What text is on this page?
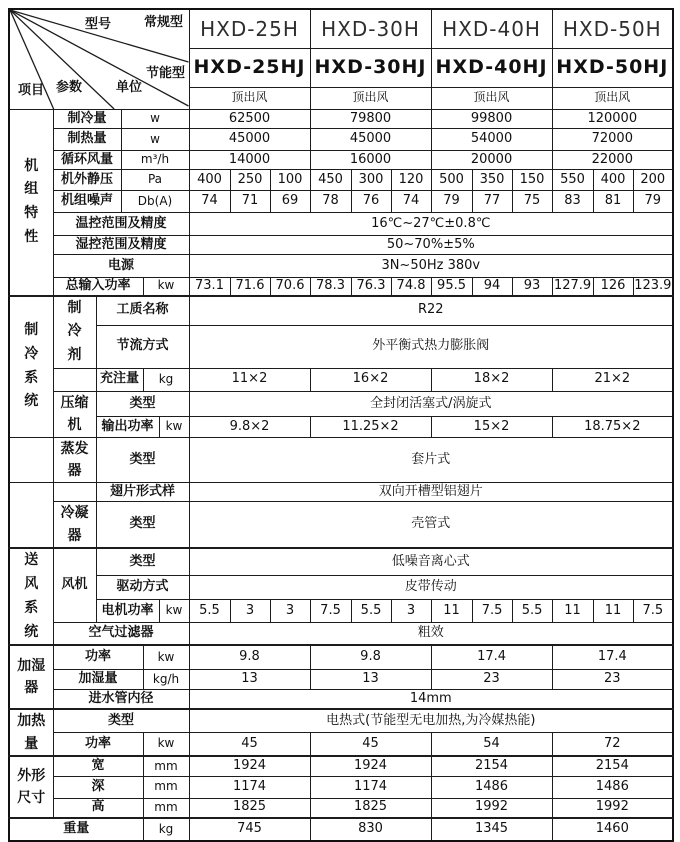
型号	常规型
节能型
项目 参数	单位
	HXD-25H	HXD-30H	HXD-40H	HXD-50H
						HXD-25HJ			HXD-30HJ			HXD-40HJ			HXD-50HJ		
						顶出风			顶出风			顶出风			顶出风		
机组特性	制冷量		w			62500			79800			99800			120000		
	制热量		w			45000			45000			54000			72000		
	循环风量		m³/h			14000			16000			20000			22000		
	机外静压		Pa			400	250	100	450	300	120	500	350	150	550	400	200
	机组噪声		Db(A)			74	71	69	78	76	74	79	77	75	83	81	79
	温控范围及精度					16℃~27℃±0.8℃											
	湿控范围及精度					50~70%±5%											
	电源					3N~50Hz 380v											
	总输入功率			kw		73.1	71.6	70.6	78.3	76.3	74.8	95.5	94	93	127.9	126	123.9
制冷系统	制冷剂	工质名称				R22											
		节流方式				外平衡式热力膨胀阀											
		充注量		kg		11×2			16×2			18×2			21×2		
	压缩机	类型				全封闭活塞式/涡旋式											
		输出功率			kw	9.8×2			11.25×2			15×2			18.75×2		
	蒸发器	类型				套片式											
		翅片形式样				双向开槽型铝翅片											
	冷凝器	类型				壳管式											
送风系统	风机	类型				低噪音离心式											
		驱动方式				皮带传动											
		电机功率			kw	5.5	3	3	7.5	5.5	3	11	7.5	5.5	11	11	7.5
	空气过滤器					粗效											
加湿器	功率			kw		9.8			9.8			17.4			17.4		
	加湿量			kg/h		13			13			23			23		
	进水管内径					14mm											
加热量	类型					电热式(节能型无电加热,为冷媒热能)											
	功率			kw		45			45			54			72		
外形尺寸	宽			mm		1924			1924			2154			2154		
	深			mm		1174			1174			1486			1486		
	高			mm		1825			1825			1992			1992		
重量				kg		745			830			1345			1460		
